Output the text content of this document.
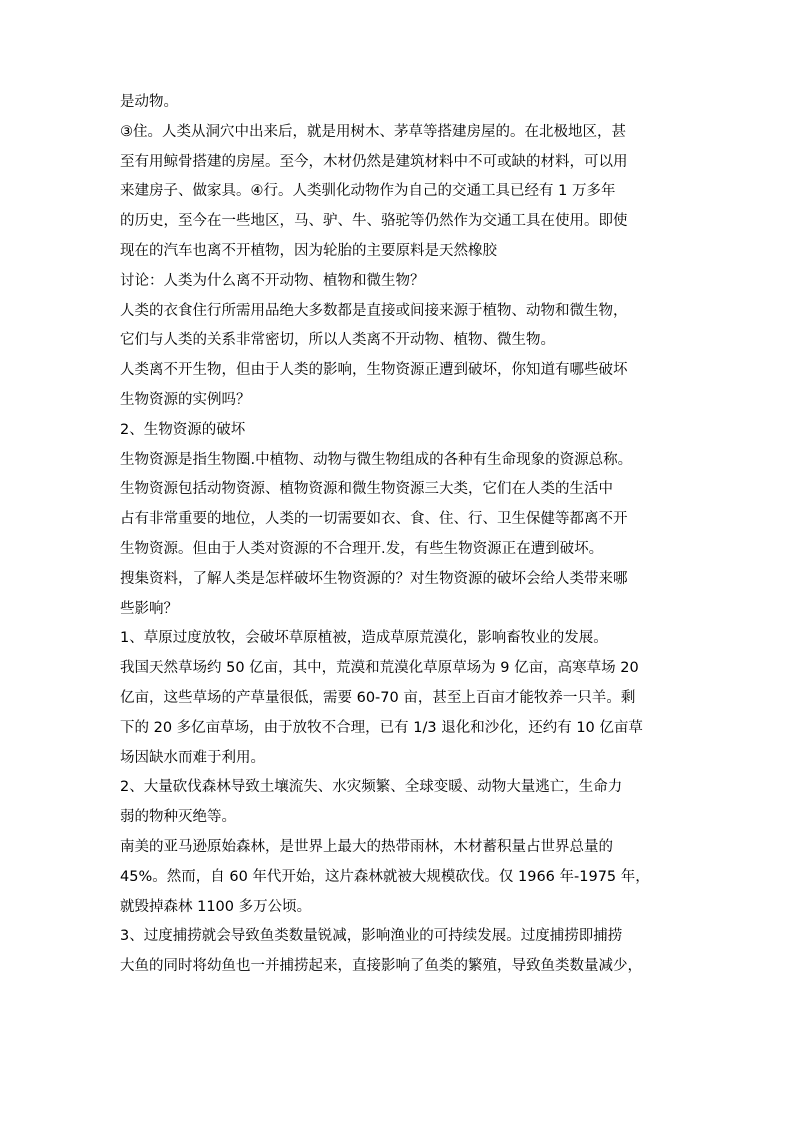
是动物。
③住。人类从洞穴中出来后，就是用树木、茅草等搭建房屋的。在北极地区，甚
至有用鲸骨搭建的房屋。至今，木材仍然是建筑材料中不可或缺的材料，可以用
来建房子、做家具。④行。人类驯化动物作为自己的交通工具已经有 1 万多年
的历史，至今在一些地区，马、驴、牛、骆驼等仍然作为交通工具在使用。即使
现在的汽车也离不开植物，因为轮胎的主要原料是天然橡胶
讨论：人类为什么离不开动物、植物和微生物？
人类的衣食住行所需用品绝大多数都是直接或间接来源于植物、动物和微生物，
它们与人类的关系非常密切，所以人类离不开动物、植物、微生物。
人类离不开生物，但由于人类的影响，生物资源正遭到破坏，你知道有哪些破坏
生物资源的实例吗？
2、生物资源的破坏
生物资源是指生物圈.中植物、动物与微生物组成的各种有生命现象的资源总称。
生物资源包括动物资源、植物资源和微生物资源三大类，它们在人类的生活中
占有非常重要的地位，人类的一切需要如衣、食、住、行、卫生保健等都离不开
生物资源。但由于人类对资源的不合理开.发，有些生物资源正在遭到破坏。
搜集资料，了解人类是怎样破坏生物资源的？对生物资源的破坏会给人类带来哪
些影响？
1、草原过度放牧，会破坏草原植被，造成草原荒漠化，影响畜牧业的发展。
我国天然草场约 50 亿亩，其中，荒漠和荒漠化草原草场为 9 亿亩，高寒草场 20
亿亩，这些草场的产草量很低，需要 60-70 亩，甚至上百亩才能牧养一只羊。剩
下的 20 多亿亩草场，由于放牧不合理，已有 1/3 退化和沙化，还约有 10 亿亩草
场因缺水而难于利用。
2、大量砍伐森林导致土壤流失、水灾频繁、全球变暖、动物大量逃亡，生命力
弱的物种灭绝等。
南美的亚马逊原始森林，是世界上最大的热带雨林，木材蓄积量占世界总量的
45%。然而，自 60 年代开始，这片森林就被大规模砍伐。仅 1966 年-1975 年，
就毁掉森林 1100 多万公顷。
3、过度捕捞就会导致鱼类数量锐减，影响渔业的可持续发展。过度捕捞即捕捞
大鱼的同时将幼鱼也一并捕捞起来，直接影响了鱼类的繁殖，导致鱼类数量减少，
